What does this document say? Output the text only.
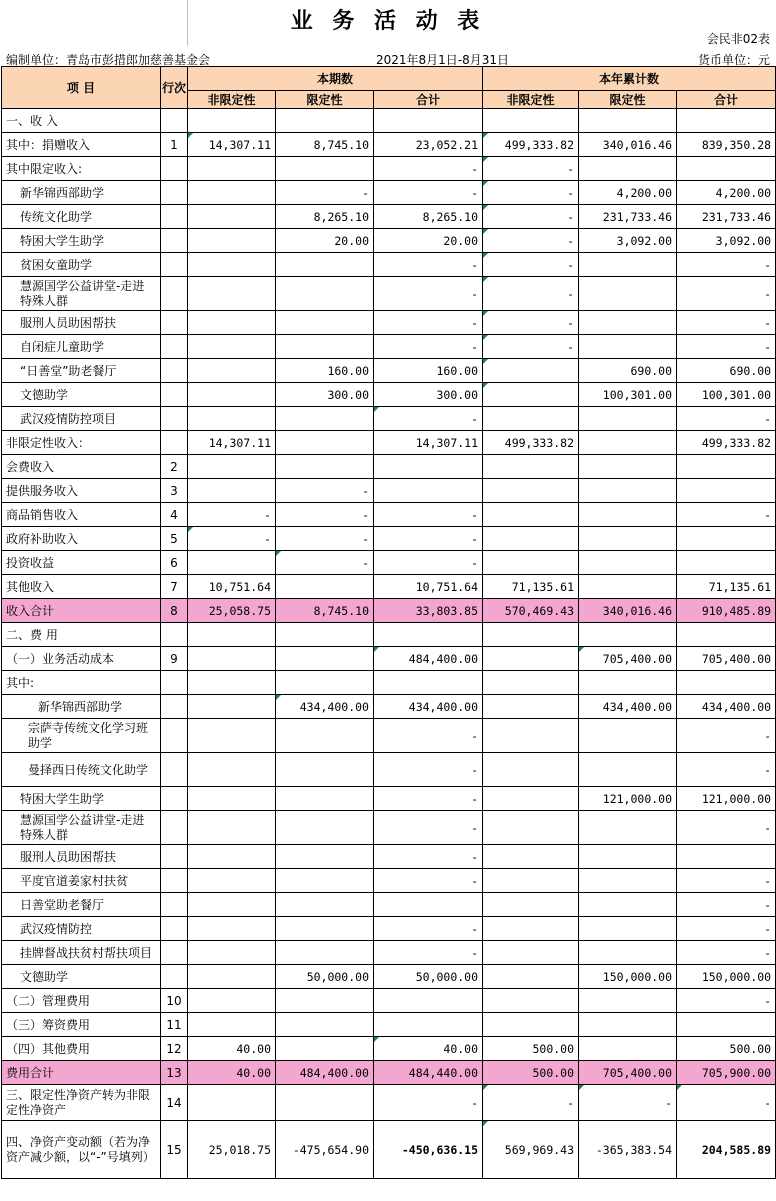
业 务 活 动 表
会民非02表
编制单位：青岛市彭措郎加慈善基金会	2021年8月1日-8月31日	货币单位：元
项 目	行次	本期数			本年累计数		
		非限定性	限定性	合计	非限定性	限定性	合计
一、收 入							
其中：捐赠收入	1	14,307.11	8,745.10	23,052.21	499,333.82	340,016.46	839,350.28
其中限定收入:				-	-		
新华锦西部助学			-	-	-	4,200.00	4,200.00
传统文化助学			8,265.10	8,265.10	-	231,733.46	231,733.46
特困大学生助学			20.00	20.00	-	3,092.00	3,092.00
贫困女童助学				-	-		-
慧源国学公益讲堂-走进特殊人群				-	-		-
服刑人员助困帮扶				-	-		-
自闭症儿童助学				-	-		-
“日善堂”助老餐厅			160.00	160.00		690.00	690.00
文德助学			300.00	300.00		100,301.00	100,301.00
武汉疫情防控项目				-			-
非限定性收入：		14,307.11		14,307.11	499,333.82		499,333.82
会费收入	2						
提供服务收入	3		-				
商品销售收入	4	-	-	-			-
政府补助收入	5	-	-	-			
投资收益	6		-	-			
其他收入	7	10,751.64		10,751.64	71,135.61		71,135.61
收入合计	8	25,058.75	8,745.10	33,803.85	570,469.43	340,016.46	910,485.89
二、费 用							
（一）业务活动成本	9			484,400.00		705,400.00	705,400.00
其中:							
新华锦西部助学			434,400.00	434,400.00		434,400.00	434,400.00
宗萨寺传统文化学习班助学				-			-
曼择西日传统文化助学				-			-
特困大学生助学				-		121,000.00	121,000.00
慧源国学公益讲堂-走进特殊人群				-			-
服刑人员助困帮扶				-			
平度官道姜家村扶贫				-			-
日善堂助老餐厅							-
武汉疫情防控				-			-
挂牌督战扶贫村帮扶项目				-			-
文德助学			50,000.00	50,000.00		150,000.00	150,000.00
（二）管理费用	10						-
（三）筹资费用	11						
（四）其他费用	12	40.00		40.00	500.00		500.00
费用合计	13	40.00	484,400.00	484,440.00	500.00	705,400.00	705,900.00
三、限定性净资产转为非限定性净资产	14			-	-	-	-
四、净资产变动额（若为净资产减少额，以“-”号填列）	15	25,018.75	-475,654.90	-450,636.15	569,969.43	-365,383.54	204,585.89
